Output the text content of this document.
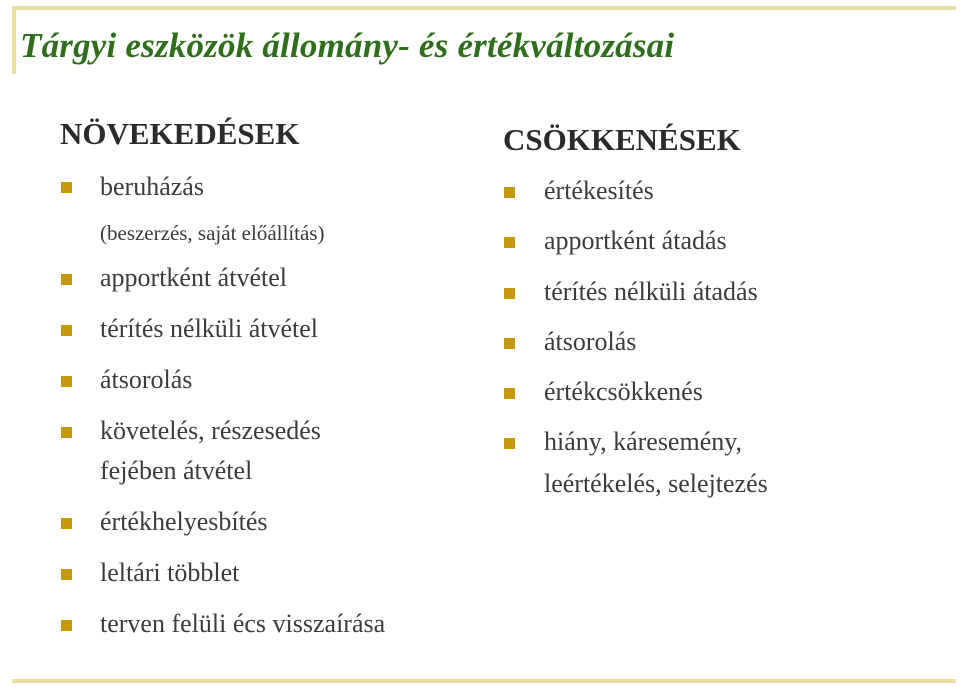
Tárgyi eszközök állomány- és értékváltozásai
NÖVEKEDÉSEK
beruházás
(beszerzés, saját előállítás)
apportként átvétel
térítés nélküli átvétel
átsorolás
követelés, részesedés
fejében átvétel
értékhelyesbítés
leltári többlet
terven felüli écs visszaírása
CSÖKKENÉSEK
értékesítés
apportként átadás
térítés nélküli átadás
átsorolás
értékcsökkenés
hiány, káresemény,
leértékelés, selejtezés
